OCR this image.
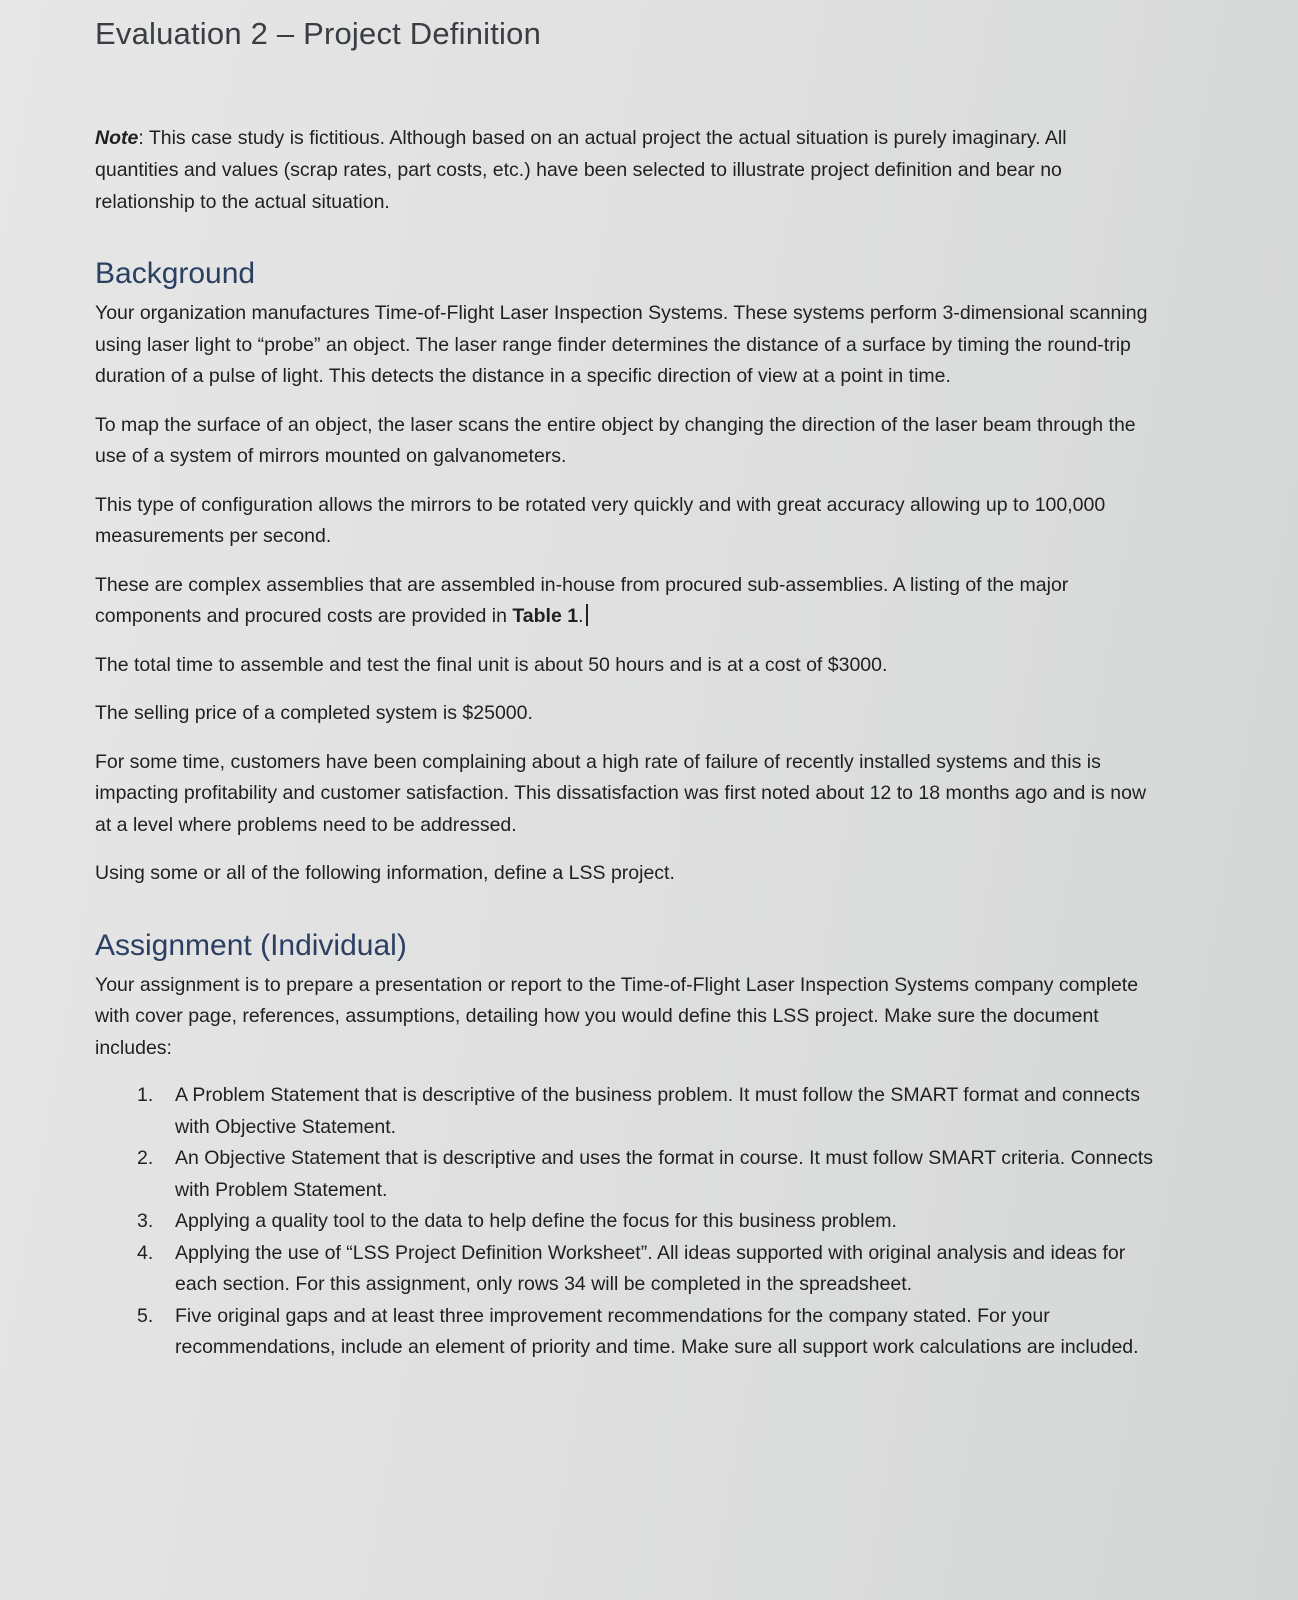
Evaluation 2 – Project Definition

Note: This case study is fictitious. Although based on an actual project the actual situation is purely imaginary. All quantities and values (scrap rates, part costs, etc.) have been selected to illustrate project definition and bear no relationship to the actual situation.

Background

Your organization manufactures Time-of-Flight Laser Inspection Systems. These systems perform 3-dimensional scanning using laser light to “probe” an object. The laser range finder determines the distance of a surface by timing the round-trip duration of a pulse of light. This detects the distance in a specific direction of view at a point in time.

To map the surface of an object, the laser scans the entire object by changing the direction of the laser beam through the use of a system of mirrors mounted on galvanometers.

This type of configuration allows the mirrors to be rotated very quickly and with great accuracy allowing up to 100,000 measurements per second.

These are complex assemblies that are assembled in-house from procured sub-assemblies. A listing of the major components and procured costs are provided in Table 1.

The total time to assemble and test the final unit is about 50 hours and is at a cost of $3000.

The selling price of a completed system is $25000.

For some time, customers have been complaining about a high rate of failure of recently installed systems and this is impacting profitability and customer satisfaction. This dissatisfaction was first noted about 12 to 18 months ago and is now at a level where problems need to be addressed.

Using some or all of the following information, define a LSS project.

Assignment (Individual)

Your assignment is to prepare a presentation or report to the Time-of-Flight Laser Inspection Systems company complete with cover page, references, assumptions, detailing how you would define this LSS project. Make sure the document includes:

1. A Problem Statement that is descriptive of the business problem. It must follow the SMART format and connects with Objective Statement.
2. An Objective Statement that is descriptive and uses the format in course. It must follow SMART criteria. Connects with Problem Statement.
3. Applying a quality tool to the data to help define the focus for this business problem.
4. Applying the use of “LSS Project Definition Worksheet”. All ideas supported with original analysis and ideas for each section. For this assignment, only rows 34 will be completed in the spreadsheet.
5. Five original gaps and at least three improvement recommendations for the company stated. For your recommendations, include an element of priority and time. Make sure all support work calculations are included.
